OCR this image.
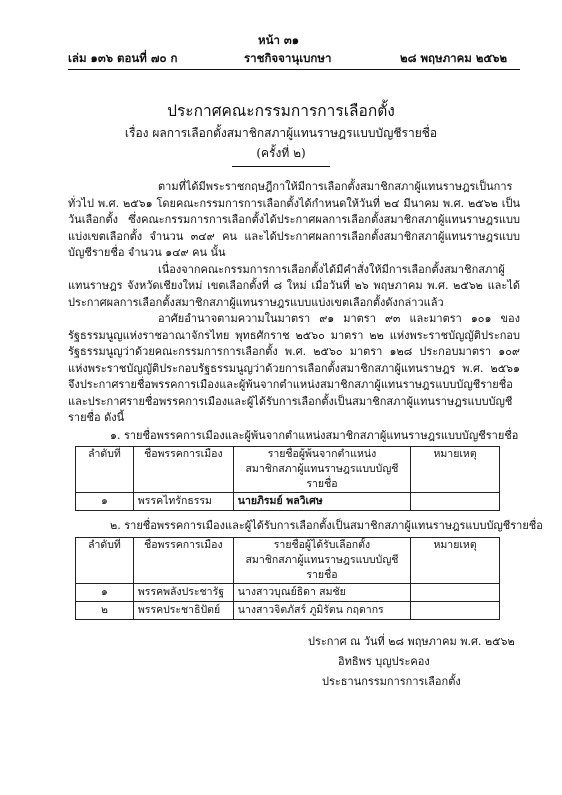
หน้า ๓๑
เล่ม ๑๓๖ ตอนที่ ๗๐ ก	ราชกิจจานุเบกษา	๒๘ พฤษภาคม ๒๕๖๒
ประกาศคณะกรรมการการเลือกตั้ง
เรื่อง ผลการเลือกตั้งสมาชิกสภาผู้แทนราษฎรแบบบัญชีรายชื่อ
(ครั้งที่ ๒)

ตามที่ได้มีพระราชกฤษฎีกาให้มีการเลือกตั้งสมาชิกสภาผู้แทนราษฎรเป็นการทั่วไป พ.ศ. ๒๕๖๑ โดยคณะกรรมการการเลือกตั้งได้กำหนดให้วันที่ ๒๔ มีนาคม พ.ศ. ๒๕๖๒ เป็นวันเลือกตั้ง ซึ่งคณะกรรมการการเลือกตั้งได้ประกาศผลการเลือกตั้งสมาชิกสภาผู้แทนราษฎรแบบแบ่งเขตเลือกตั้ง จำนวน ๓๔๙ คน และได้ประกาศผลการเลือกตั้งสมาชิกสภาผู้แทนราษฎรแบบบัญชีรายชื่อ จำนวน ๑๔๙ คน นั้น

เนื่องจากคณะกรรมการการเลือกตั้งได้มีคำสั่งให้มีการเลือกตั้งสมาชิกสภาผู้แทนราษฎร จังหวัดเชียงใหม่ เขตเลือกตั้งที่ ๘ ใหม่ เมื่อวันที่ ๒๖ พฤษภาคม พ.ศ. ๒๕๖๒ และได้ประกาศผลการเลือกตั้งสมาชิกสภาผู้แทนราษฎรแบบแบ่งเขตเลือกตั้งดังกล่าวแล้ว

อาศัยอำนาจตามความในมาตรา ๙๑ มาตรา ๙๓ และมาตรา ๑๐๑ ของรัฐธรรมนูญแห่งราชอาณาจักรไทย พุทธศักราช ๒๕๖๐ มาตรา ๒๒ แห่งพระราชบัญญัติประกอบรัฐธรรมนูญว่าด้วยคณะกรรมการการเลือกตั้ง พ.ศ. ๒๕๖๐ มาตรา ๑๒๘ ประกอบมาตรา ๑๐๙ แห่งพระราชบัญญัติประกอบรัฐธรรมนูญว่าด้วยการเลือกตั้งสมาชิกสภาผู้แทนราษฎร พ.ศ. ๒๕๖๑ จึงประกาศรายชื่อพรรคการเมืองและผู้พ้นจากตำแหน่งสมาชิกสภาผู้แทนราษฎรแบบบัญชีรายชื่อ และประกาศรายชื่อพรรคการเมืองและผู้ได้รับการเลือกตั้งเป็นสมาชิกสภาผู้แทนราษฎรแบบบัญชีรายชื่อ ดังนี้

๑. รายชื่อพรรคการเมืองและผู้พ้นจากตำแหน่งสมาชิกสภาผู้แทนราษฎรแบบบัญชีรายชื่อ
ลำดับที่	ชื่อพรรคการเมือง	รายชื่อผู้พ้นจากตำแหน่ง
สมาชิกสภาผู้แทนราษฎรแบบบัญชีรายชื่อ	หมายเหตุ
๑	พรรคไทรักธรรม	นายภิรมย์ พลวิเศษ	
๒. รายชื่อพรรคการเมืองและผู้ได้รับการเลือกตั้งเป็นสมาชิกสภาผู้แทนราษฎรแบบบัญชีรายชื่อ
ลำดับที่	ชื่อพรรคการเมือง	รายชื่อผู้ได้รับเลือกตั้ง
สมาชิกสภาผู้แทนราษฎรแบบบัญชีรายชื่อ	หมายเหตุ
๑	พรรคพลังประชารัฐ	นางสาวบุณย์ธิดา สมชัย	
๒	พรรคประชาธิปัตย์	นางสาวจิตภัสร์ ภูมิรัตน กฤดากร	
ประกาศ ณ วันที่ ๒๘ พฤษภาคม พ.ศ. ๒๕๖๒
อิทธิพร บุญประคอง
ประธานกรรมการการเลือกตั้ง
